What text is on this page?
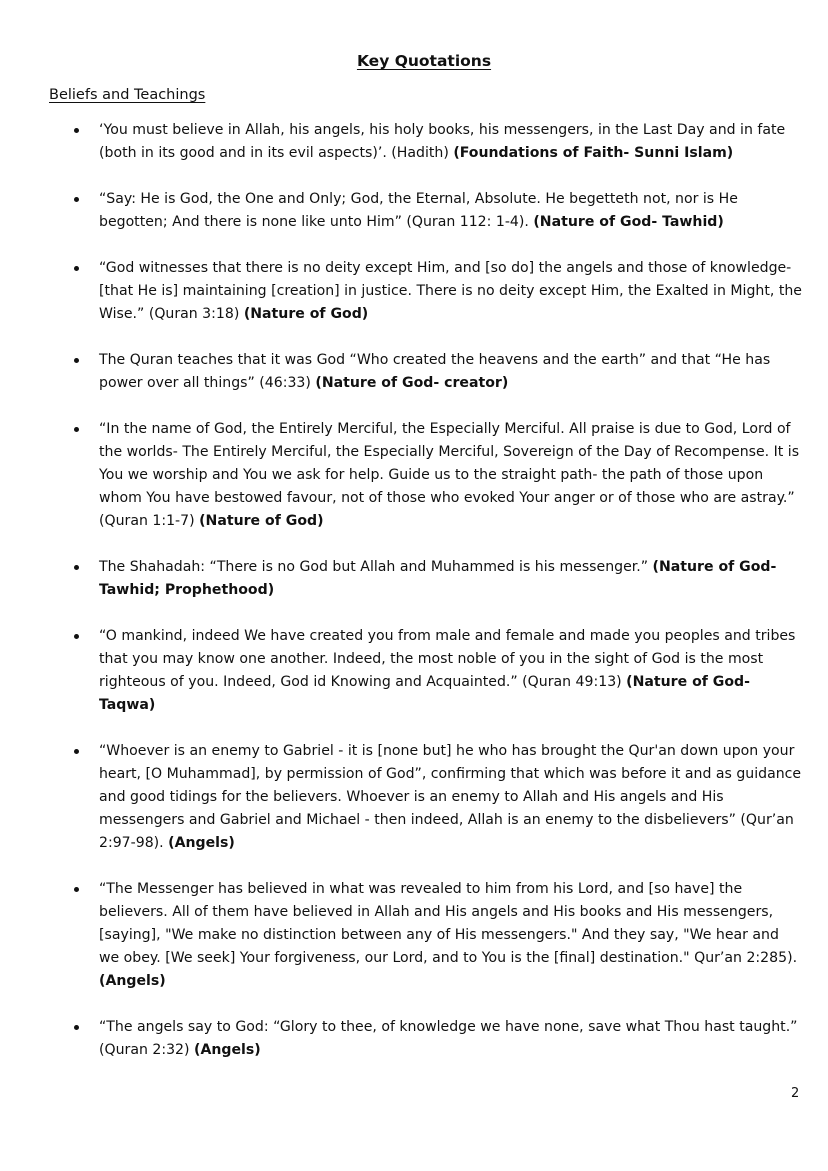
Key Quotations
Beliefs and Teachings
‘You must believe in Allah, his angels, his holy books, his messengers, in the Last Day and in fate (both in its good and in its evil aspects)’. (Hadith) (Foundations of Faith- Sunni Islam)
“Say: He is God, the One and Only; God, the Eternal, Absolute. He begetteth not, nor is He begotten; And there is none like unto Him” (Quran 112: 1-4). (Nature of God- Tawhid)
“God witnesses that there is no deity except Him, and [so do] the angels and those of knowledge- [that He is] maintaining [creation] in justice. There is no deity except Him, the Exalted in Might, the Wise.” (Quran 3:18) (Nature of God)
The Quran teaches that it was God “Who created the heavens and the earth” and that “He has power over all things” (46:33) (Nature of God- creator)
“In the name of God, the Entirely Merciful, the Especially Merciful. All praise is due to God, Lord of the worlds- The Entirely Merciful, the Especially Merciful, Sovereign of the Day of Recompense. It is You we worship and You we ask for help. Guide us to the straight path- the path of those upon whom You have bestowed favour, not of those who evoked Your anger or of those who are astray.” (Quran 1:1-7) (Nature of God)
The Shahadah: “There is no God but Allah and Muhammed is his messenger.” (Nature of God- Tawhid; Prophethood)
“O mankind, indeed We have created you from male and female and made you peoples and tribes that you may know one another. Indeed, the most noble of you in the sight of God is the most righteous of you. Indeed, God id Knowing and Acquainted.” (Quran 49:13) (Nature of God- Taqwa)
“Whoever is an enemy to Gabriel - it is [none but] he who has brought the Qur'an down upon your heart, [O Muhammad], by permission of God”, confirming that which was before it and as guidance and good tidings for the believers. Whoever is an enemy to Allah and His angels and His messengers and Gabriel and Michael - then indeed, Allah is an enemy to the disbelievers” (Qur’an 2:97-98). (Angels)
“The Messenger has believed in what was revealed to him from his Lord, and [so have] the believers. All of them have believed in Allah and His angels and His books and His messengers, [saying], "We make no distinction between any of His messengers." And they say, "We hear and we obey. [We seek] Your forgiveness, our Lord, and to You is the [final] destination." Qur’an 2:285). (Angels)
“The angels say to God: “Glory to thee, of knowledge we have none, save what Thou hast taught.” (Quran 2:32) (Angels)
2
